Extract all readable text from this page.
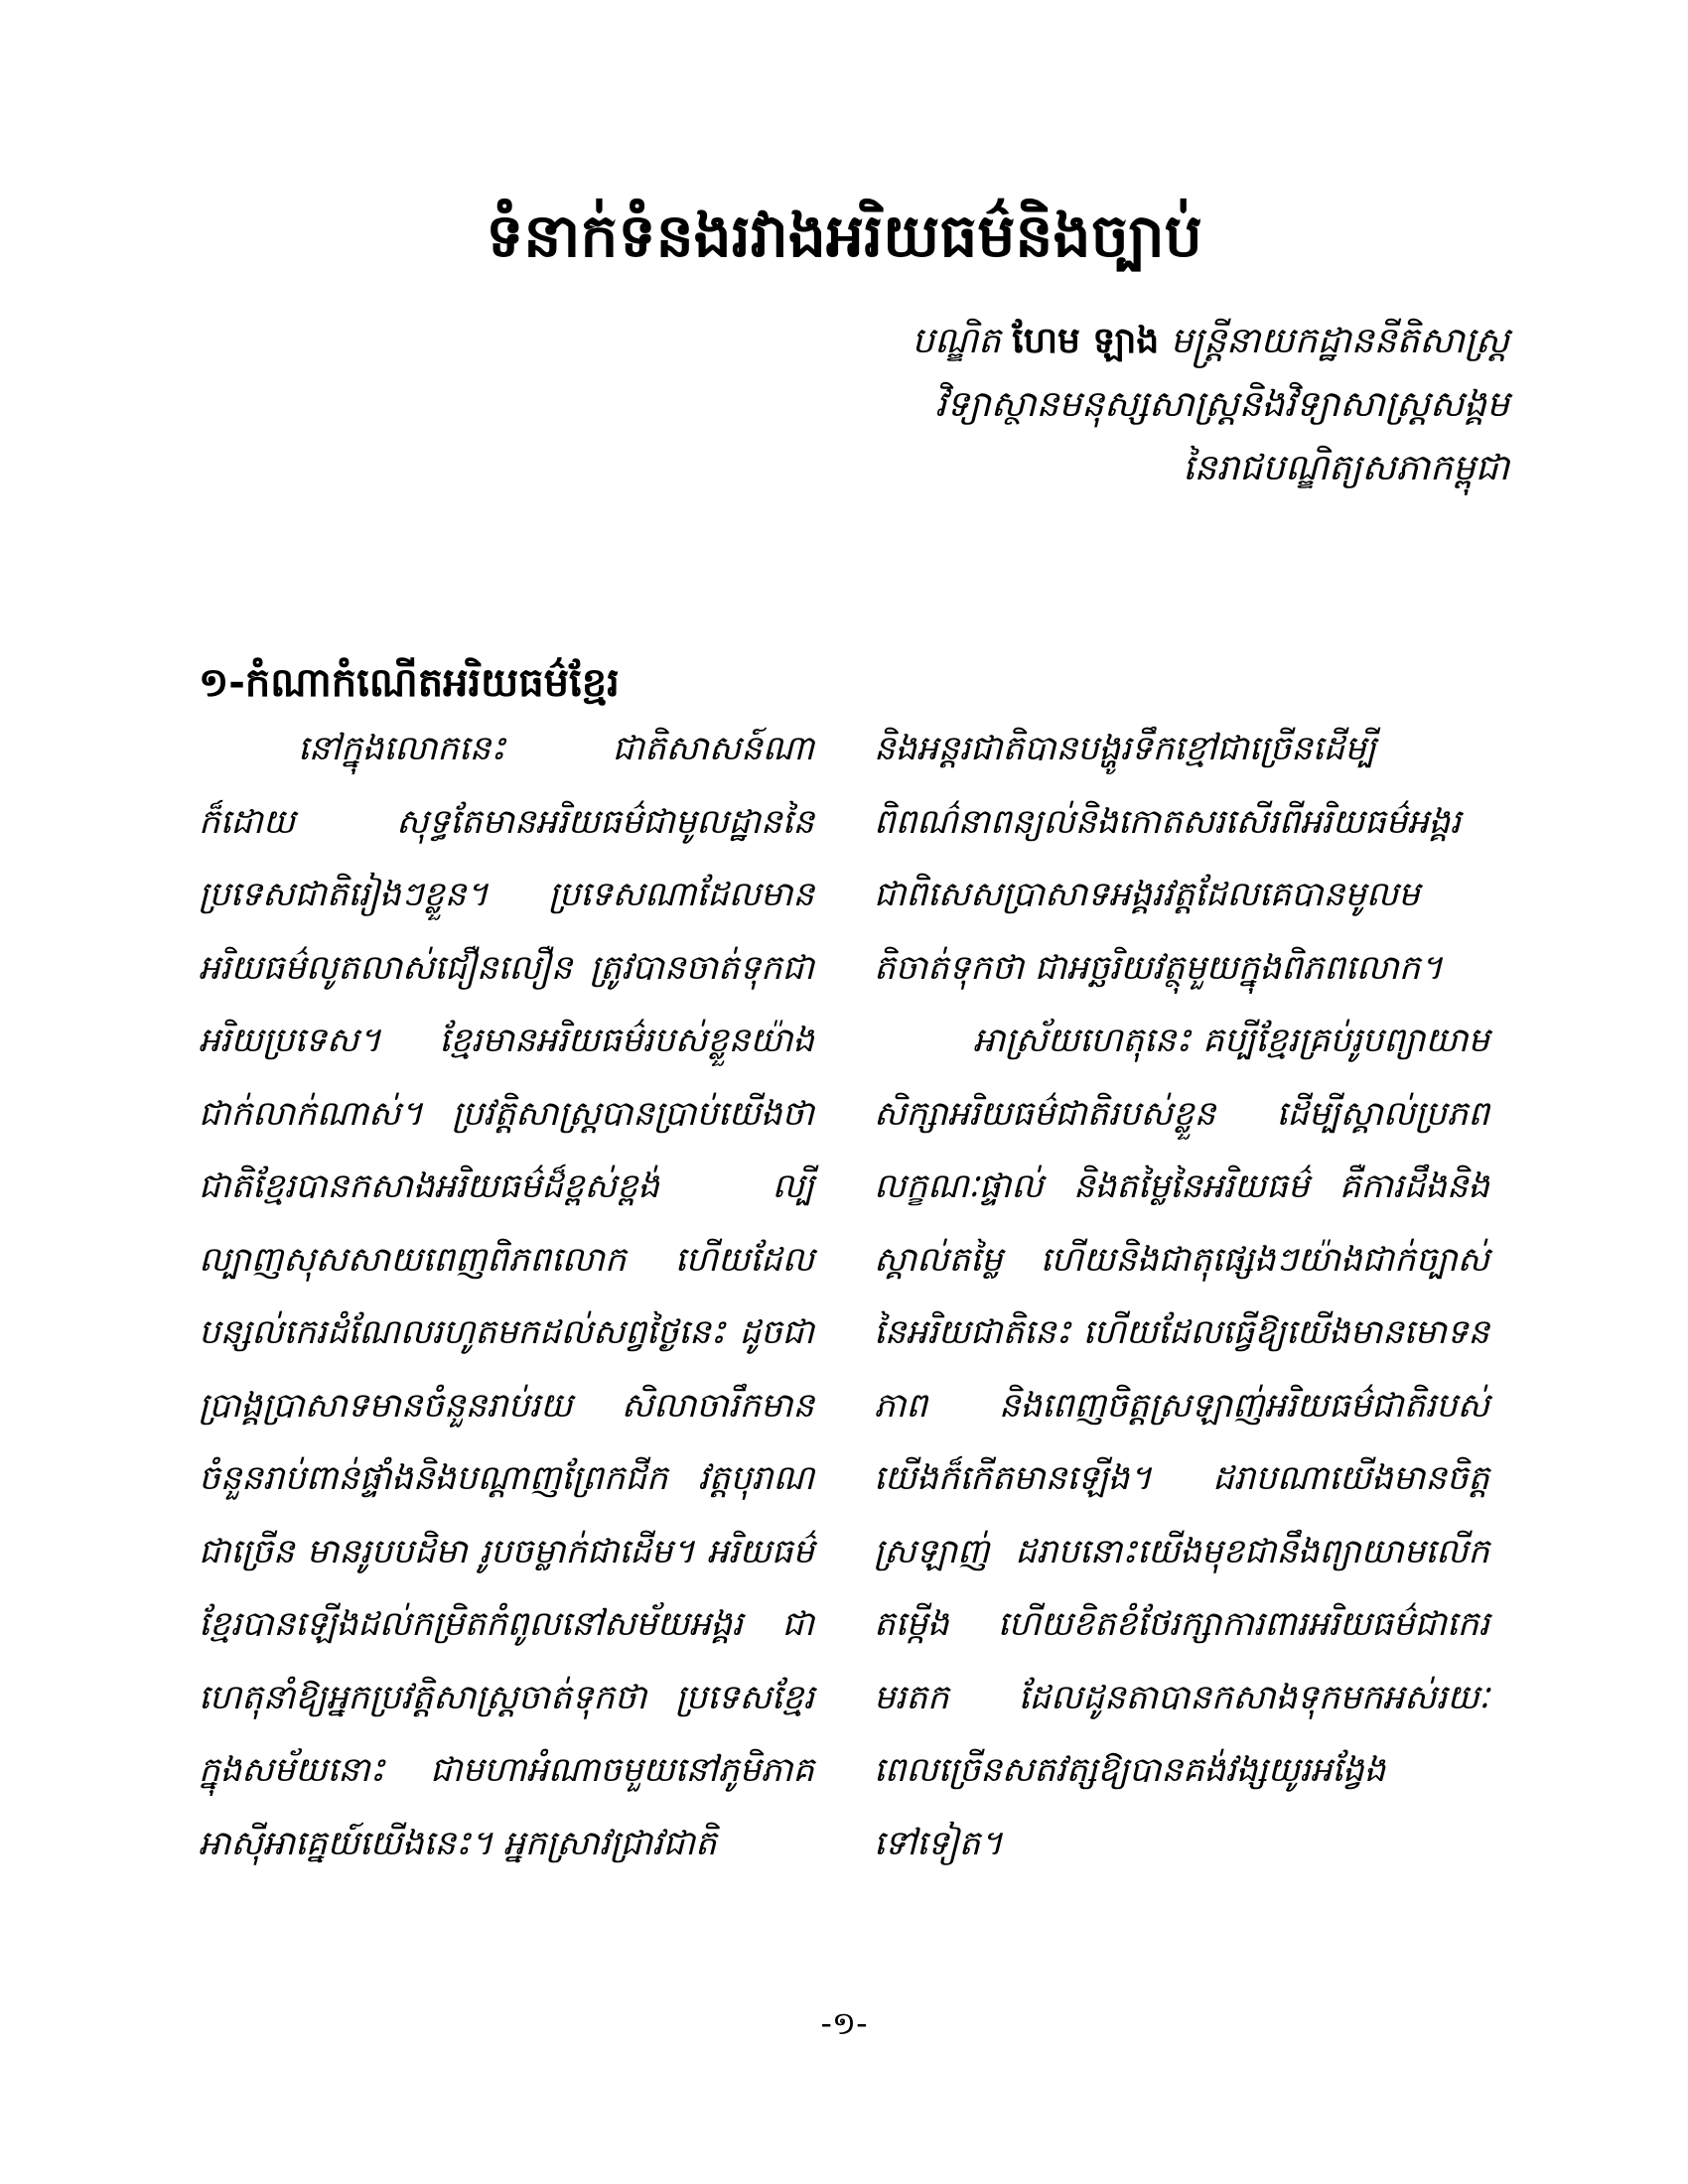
ទំនាក់ទំនងរវាងអរិយធម៌និងច្បាប់
បណ្ឌិត ហែម ឡាង មន្ត្រីនាយកដ្ឋាននីតិសាស្ត្រ
វិទ្យាស្ថានមនុស្សសាស្ត្រនិងវិទ្យាសាស្ត្រសង្គម
នៃរាជបណ្ឌិត្យសភាកម្ពុជា
១-កំណាកំណើតអរិយធម៌ខ្មែរ

នៅក្នុងលោកនេះ ជាតិសាសន៍ណាក៏ដោយ សុទ្ធតែមានអរិយធម៌ជាមូលដ្ឋាននៃប្រទេសជាតិរៀងៗខ្លួន។ ប្រទេសណាដែលមានអរិយធម៌លូតលាស់ជឿនលឿន ត្រូវបានចាត់ទុកជាអរិយប្រទេស។ ខ្មែរមានអរិយធម៌របស់ខ្លួនយ៉ាងជាក់លាក់ណាស់។ ប្រវត្តិសាស្ត្របានប្រាប់យើងថា ជាតិខ្មែរបានកសាងអរិយធម៌ដ៏ខ្ពស់ខ្ពង់ ល្បីល្បាញសុសសាយពេញពិភពលោក ហើយដែលបន្សល់កេរដំណែលរហូតមកដល់សព្វថ្ងៃនេះ ដូចជាប្រាង្គប្រាសាទមានចំនួនរាប់រយ សិលាចារឹកមានចំនួនរាប់ពាន់ផ្ទាំងនិងបណ្តាញព្រែកជីក វត្តបុរាណជាច្រើន មានរូបបដិមា រូបចម្លាក់ជាដើម។ អរិយធម៌ខ្មែរបានឡើងដល់កម្រិតកំពូលនៅសម័យអង្គរ ជាហេតុនាំឱ្យអ្នកប្រវត្តិសាស្ត្រចាត់ទុកថា ប្រទេសខ្មែរក្នុងសម័យនោះ ជាមហាអំណាចមួយនៅភូមិភាគអាស៊ីអាគ្នេយ៍យើងនេះ។ អ្នកស្រាវជ្រាវជាតិ

និងអន្តរជាតិបានបង្ហូរទឹកខ្មៅជាច្រើនដើម្បីពិពណ៌នាពន្យល់និងកោតសរសើរពីអរិយធម៌អង្គរ ជាពិសេសប្រាសាទអង្គរវត្តដែលគេបានមូលមតិចាត់ទុកថា ជាអច្ឆរិយវត្ថុមួយក្នុងពិភពលោក។

អាស្រ័យហេតុនេះ គប្បីខ្មែរគ្រប់រូបព្យាយាមសិក្សាអរិយធម៌ជាតិរបស់ខ្លួន ដើម្បីស្គាល់ប្រភពលក្ខណៈផ្ទាល់ និងតម្លៃនៃអរិយធម៌ គឺការដឹងនិងស្គាល់តម្លៃ ហើយនិងជាតុផ្សេងៗយ៉ាងជាក់ច្បាស់នៃអរិយជាតិនេះ ហើយដែលធ្វើឱ្យយើងមានមោទនភាព និងពេញចិត្តស្រឡាញ់អរិយធម៌ជាតិរបស់យើងក៏កើតមានឡើង។ ដរាបណាយើងមានចិត្តស្រឡាញ់ ដរាបនោះយើងមុខជានឹងព្យាយាមលើកតម្កើង ហើយខិតខំថែរក្សាការពារអរិយធម៌ជាកេរមរតក ដែលដូនតាបានកសាងទុកមកអស់រយៈពេលច្រើនសតវត្សឱ្យបានគង់វង្សយូរអង្វែងទៅទៀត។

-១-
